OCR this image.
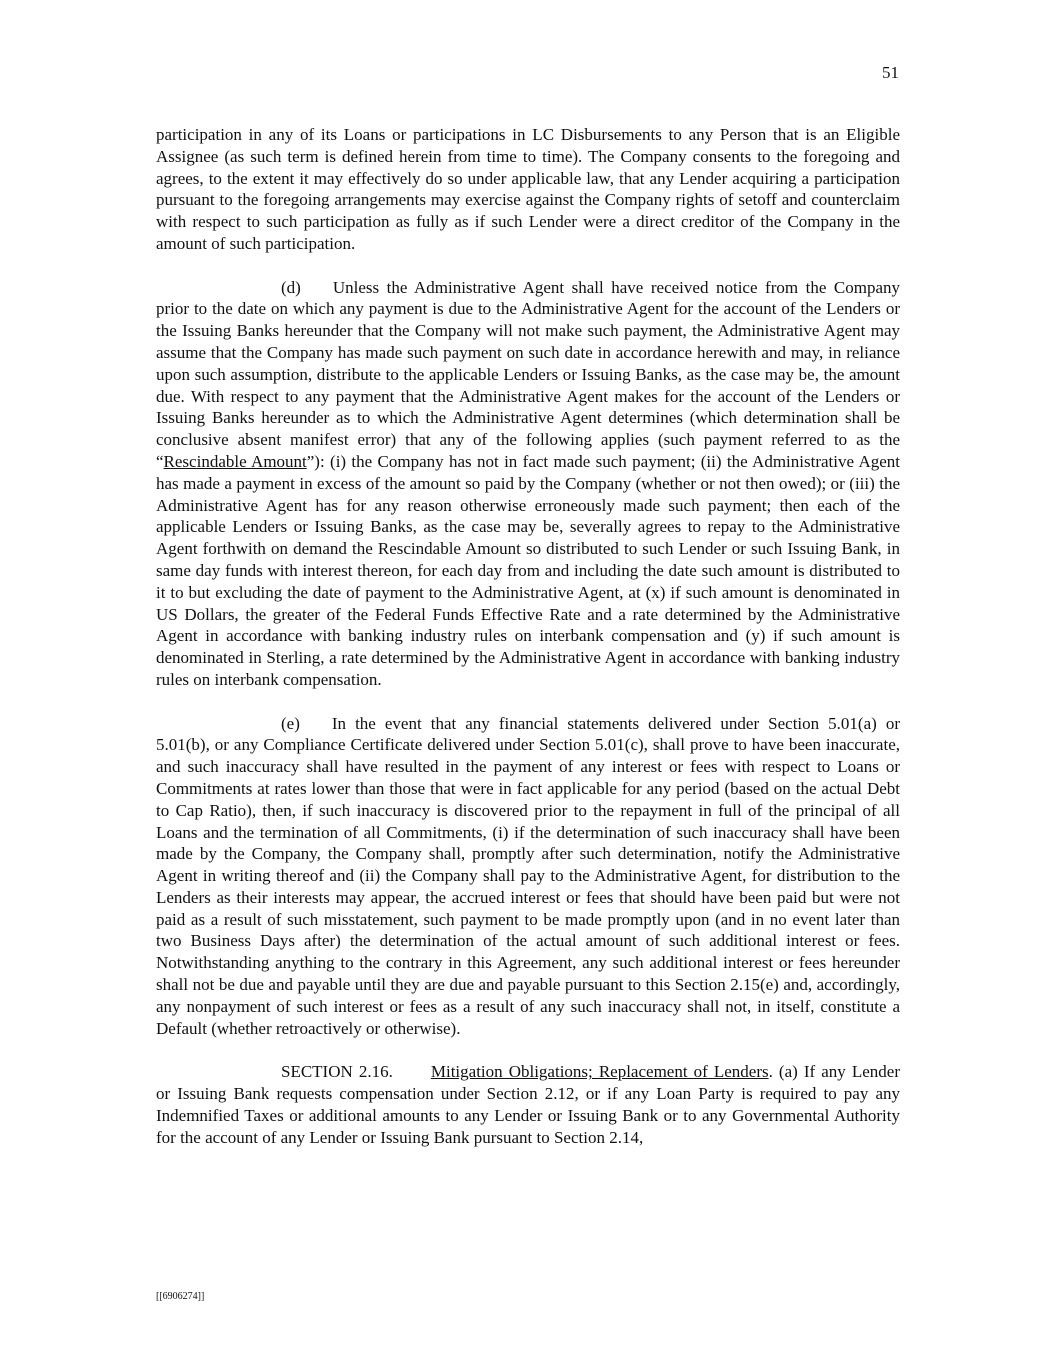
51

participation in any of its Loans or participations in LC Disbursements to any Person that is an Eligible Assignee (as such term is defined herein from time to time). The Company consents to the foregoing and agrees, to the extent it may effectively do so under applicable law, that any Lender acquiring a participation pursuant to the foregoing arrangements may exercise against the Company rights of setoff and counterclaim with respect to such participation as fully as if such Lender were a direct creditor of the Company in the amount of such participation.

(d) Unless the Administrative Agent shall have received notice from the Company prior to the date on which any payment is due to the Administrative Agent for the account of the Lenders or the Issuing Banks hereunder that the Company will not make such payment, the Administrative Agent may assume that the Company has made such payment on such date in accordance herewith and may, in reliance upon such assumption, distribute to the applicable Lenders or Issuing Banks, as the case may be, the amount due. With respect to any payment that the Administrative Agent makes for the account of the Lenders or Issuing Banks hereunder as to which the Administrative Agent determines (which determination shall be conclusive absent manifest error) that any of the following applies (such payment referred to as the “Rescindable Amount”): (i) the Company has not in fact made such payment; (ii) the Administrative Agent has made a payment in excess of the amount so paid by the Company (whether or not then owed); or (iii) the Administrative Agent has for any reason otherwise erroneously made such payment; then each of the applicable Lenders or Issuing Banks, as the case may be, severally agrees to repay to the Administrative Agent forthwith on demand the Rescindable Amount so distributed to such Lender or such Issuing Bank, in same day funds with interest thereon, for each day from and including the date such amount is distributed to it to but excluding the date of payment to the Administrative Agent, at (x) if such amount is denominated in US Dollars, the greater of the Federal Funds Effective Rate and a rate determined by the Administrative Agent in accordance with banking industry rules on interbank compensation and (y) if such amount is denominated in Sterling, a rate determined by the Administrative Agent in accordance with banking industry rules on interbank compensation.

(e) In the event that any financial statements delivered under Section 5.01(a) or 5.01(b), or any Compliance Certificate delivered under Section 5.01(c), shall prove to have been inaccurate, and such inaccuracy shall have resulted in the payment of any interest or fees with respect to Loans or Commitments at rates lower than those that were in fact applicable for any period (based on the actual Debt to Cap Ratio), then, if such inaccuracy is discovered prior to the repayment in full of the principal of all Loans and the termination of all Commitments, (i) if the determination of such inaccuracy shall have been made by the Company, the Company shall, promptly after such determination, notify the Administrative Agent in writing thereof and (ii) the Company shall pay to the Administrative Agent, for distribution to the Lenders as their interests may appear, the accrued interest or fees that should have been paid but were not paid as a result of such misstatement, such payment to be made promptly upon (and in no event later than two Business Days after) the determination of the actual amount of such additional interest or fees. Notwithstanding anything to the contrary in this Agreement, any such additional interest or fees hereunder shall not be due and payable until they are due and payable pursuant to this Section 2.15(e) and, accordingly, any nonpayment of such interest or fees as a result of any such inaccuracy shall not, in itself, constitute a Default (whether retroactively or otherwise).

SECTION 2.16. Mitigation Obligations; Replacement of Lenders. (a) If any Lender or Issuing Bank requests compensation under Section 2.12, or if any Loan Party is required to pay any Indemnified Taxes or additional amounts to any Lender or Issuing Bank or to any Governmental Authority for the account of any Lender or Issuing Bank pursuant to Section 2.14,

[[6906274]]
